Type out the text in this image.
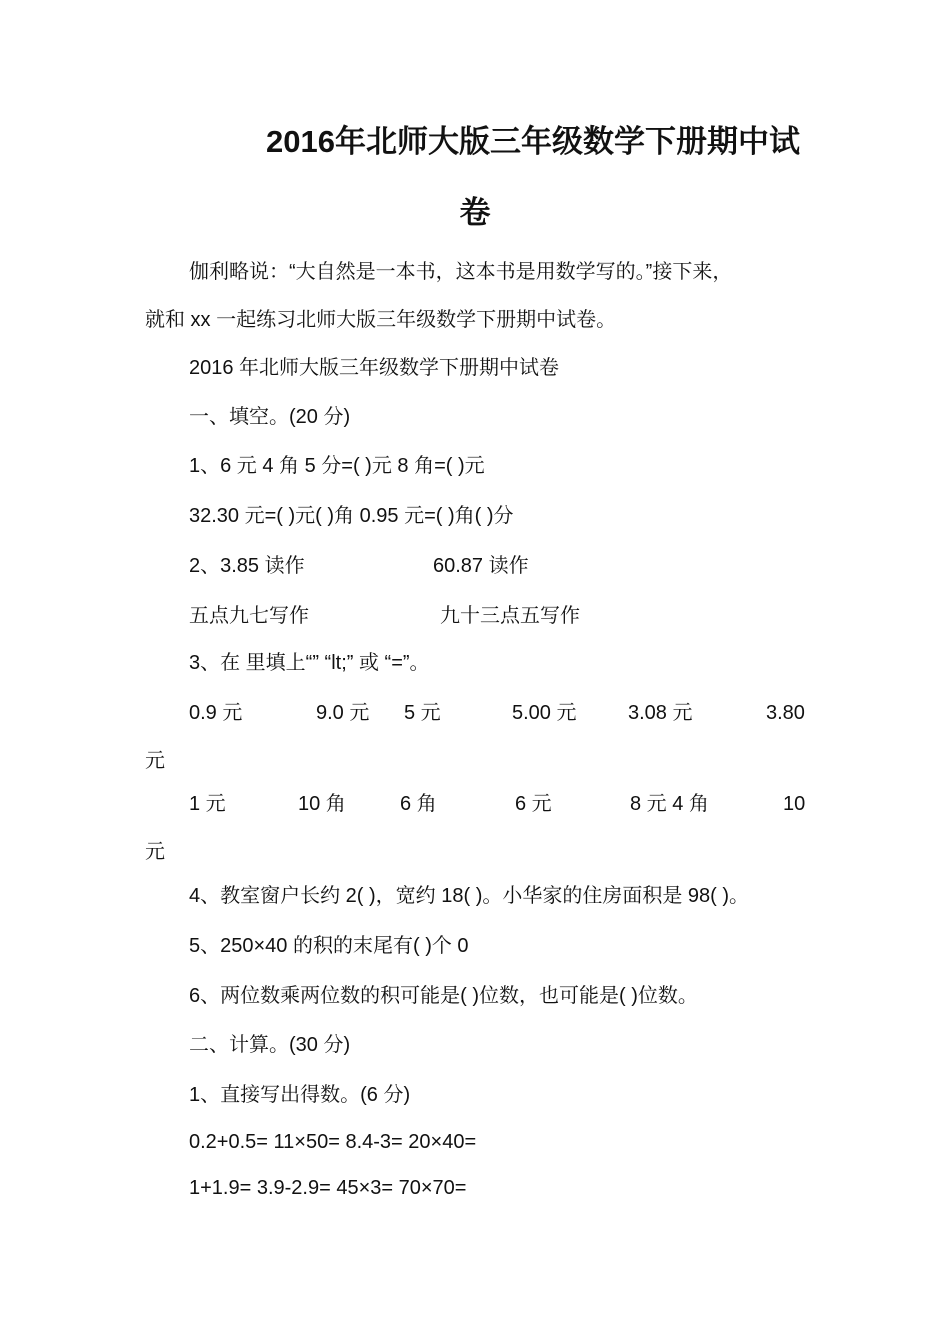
2016年北师大版三年级数学下册期中试
卷
伽利略说：“大自然是一本书，这本书是用数学写的。”接下来，
就和 xx 一起练习北师大版三年级数学下册期中试卷。
2016 年北师大版三年级数学下册期中试卷
一、填空。(20 分)
1、6 元 4 角 5 分=( )元 8 角=( )元
32.30 元=( )元( )角 0.95 元=( )角( )分
2、3.85 读作	60.87 读作
五点九七写作	九十三点五写作
3、在 里填上“” “lt;” 或 “=”。
0.9 元	9.0 元 5 元	5.00 元	3.08 元	3.80
元
1 元	10 角	6 角	6 元	8 元 4 角	10
元
4、教室窗户长约 2( )，宽约 18( )。小华家的住房面积是 98( )。
5、250×40 的积的末尾有( )个 0
6、两位数乘两位数的积可能是( )位数，也可能是( )位数。
二、计算。(30 分)
1、直接写出得数。(6 分)
0.2+0.5= 11×50= 8.4-3= 20×40=
1+1.9= 3.9-2.9= 45×3= 70×70=
